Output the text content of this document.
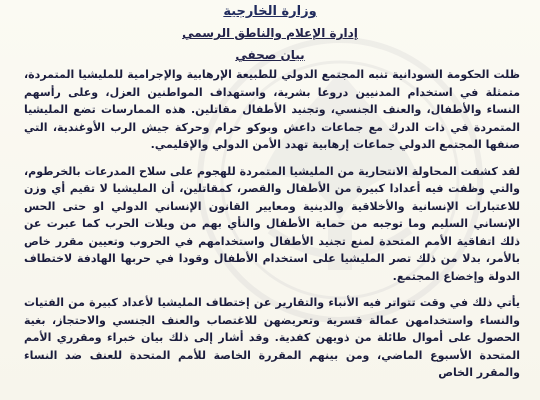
وزارة الخارجية
إدارة الإعلام والناطق الرسمي
بيان صحفي

ظلت الحكومة السودانية تنبه المجتمع الدولي للطبيعة الإرهابية والإجرامية للمليشيا المتمردة، متمثلة في استخدام المدنيين دروعا بشرية، واستهداف المواطنين العزل، وعلى رأسهم النساء والأطفال، والعنف الجنسي، وتجنيد الأطفال مقاتلين. هذه الممارسات تضع المليشيا المتمردة في ذات الدرك مع جماعات داعش وبوكو حرام وحركة جيش الرب الأوغندية، التي صنفها المجتمع الدولي جماعات إرهابية تهدد الأمن الدولي والإقليمي.

لقد كشفت المحاولة الانتحارية من المليشيا المتمردة للهجوم على سلاح المدرعات بالخرطوم، والتي وظفت فيه أعدادا كبيرة من الأطفال والقصر، كمقاتلين، أن المليشيا لا تقيم أي وزن للاعتبارات الإنسانية والأخلاقية والدينية ومعايير القانون الإنساني الدولي او حتى الحس الإنساني السليم وما توجبه من حماية الأطفال والنأي بهم من ويلات الحرب كما عبرت عن ذلك اتفاقية الأمم المتحدة لمنع تجنيد الأطفال واستخدامهم في الحروب وتعيين مقرر خاص بالأمر، بدلا من ذلك تصر المليشيا على استخدام الأطفال وقودا في حربها الهادفة لاختطاف الدولة وإخضاع المجتمع.

يأتي ذلك في وقت تتواتر فيه الأنباء والتقارير عن إختطاف المليشيا لأعداد كبيرة من الفتيات والنساء واستخدامهن عمالة قسرية وتعريضهن للاغتصاب والعنف الجنسي والاحتجاز، بغية الحصول على أموال طائلة من ذويهن كفدية. وقد أشار إلى ذلك بيان خبراء ومقرري الأمم المتحدة الأسبوع الماضي، ومن بينهم المقررة الخاصة للأمم المتحدة للعنف ضد النساء والمقرر الخاص
